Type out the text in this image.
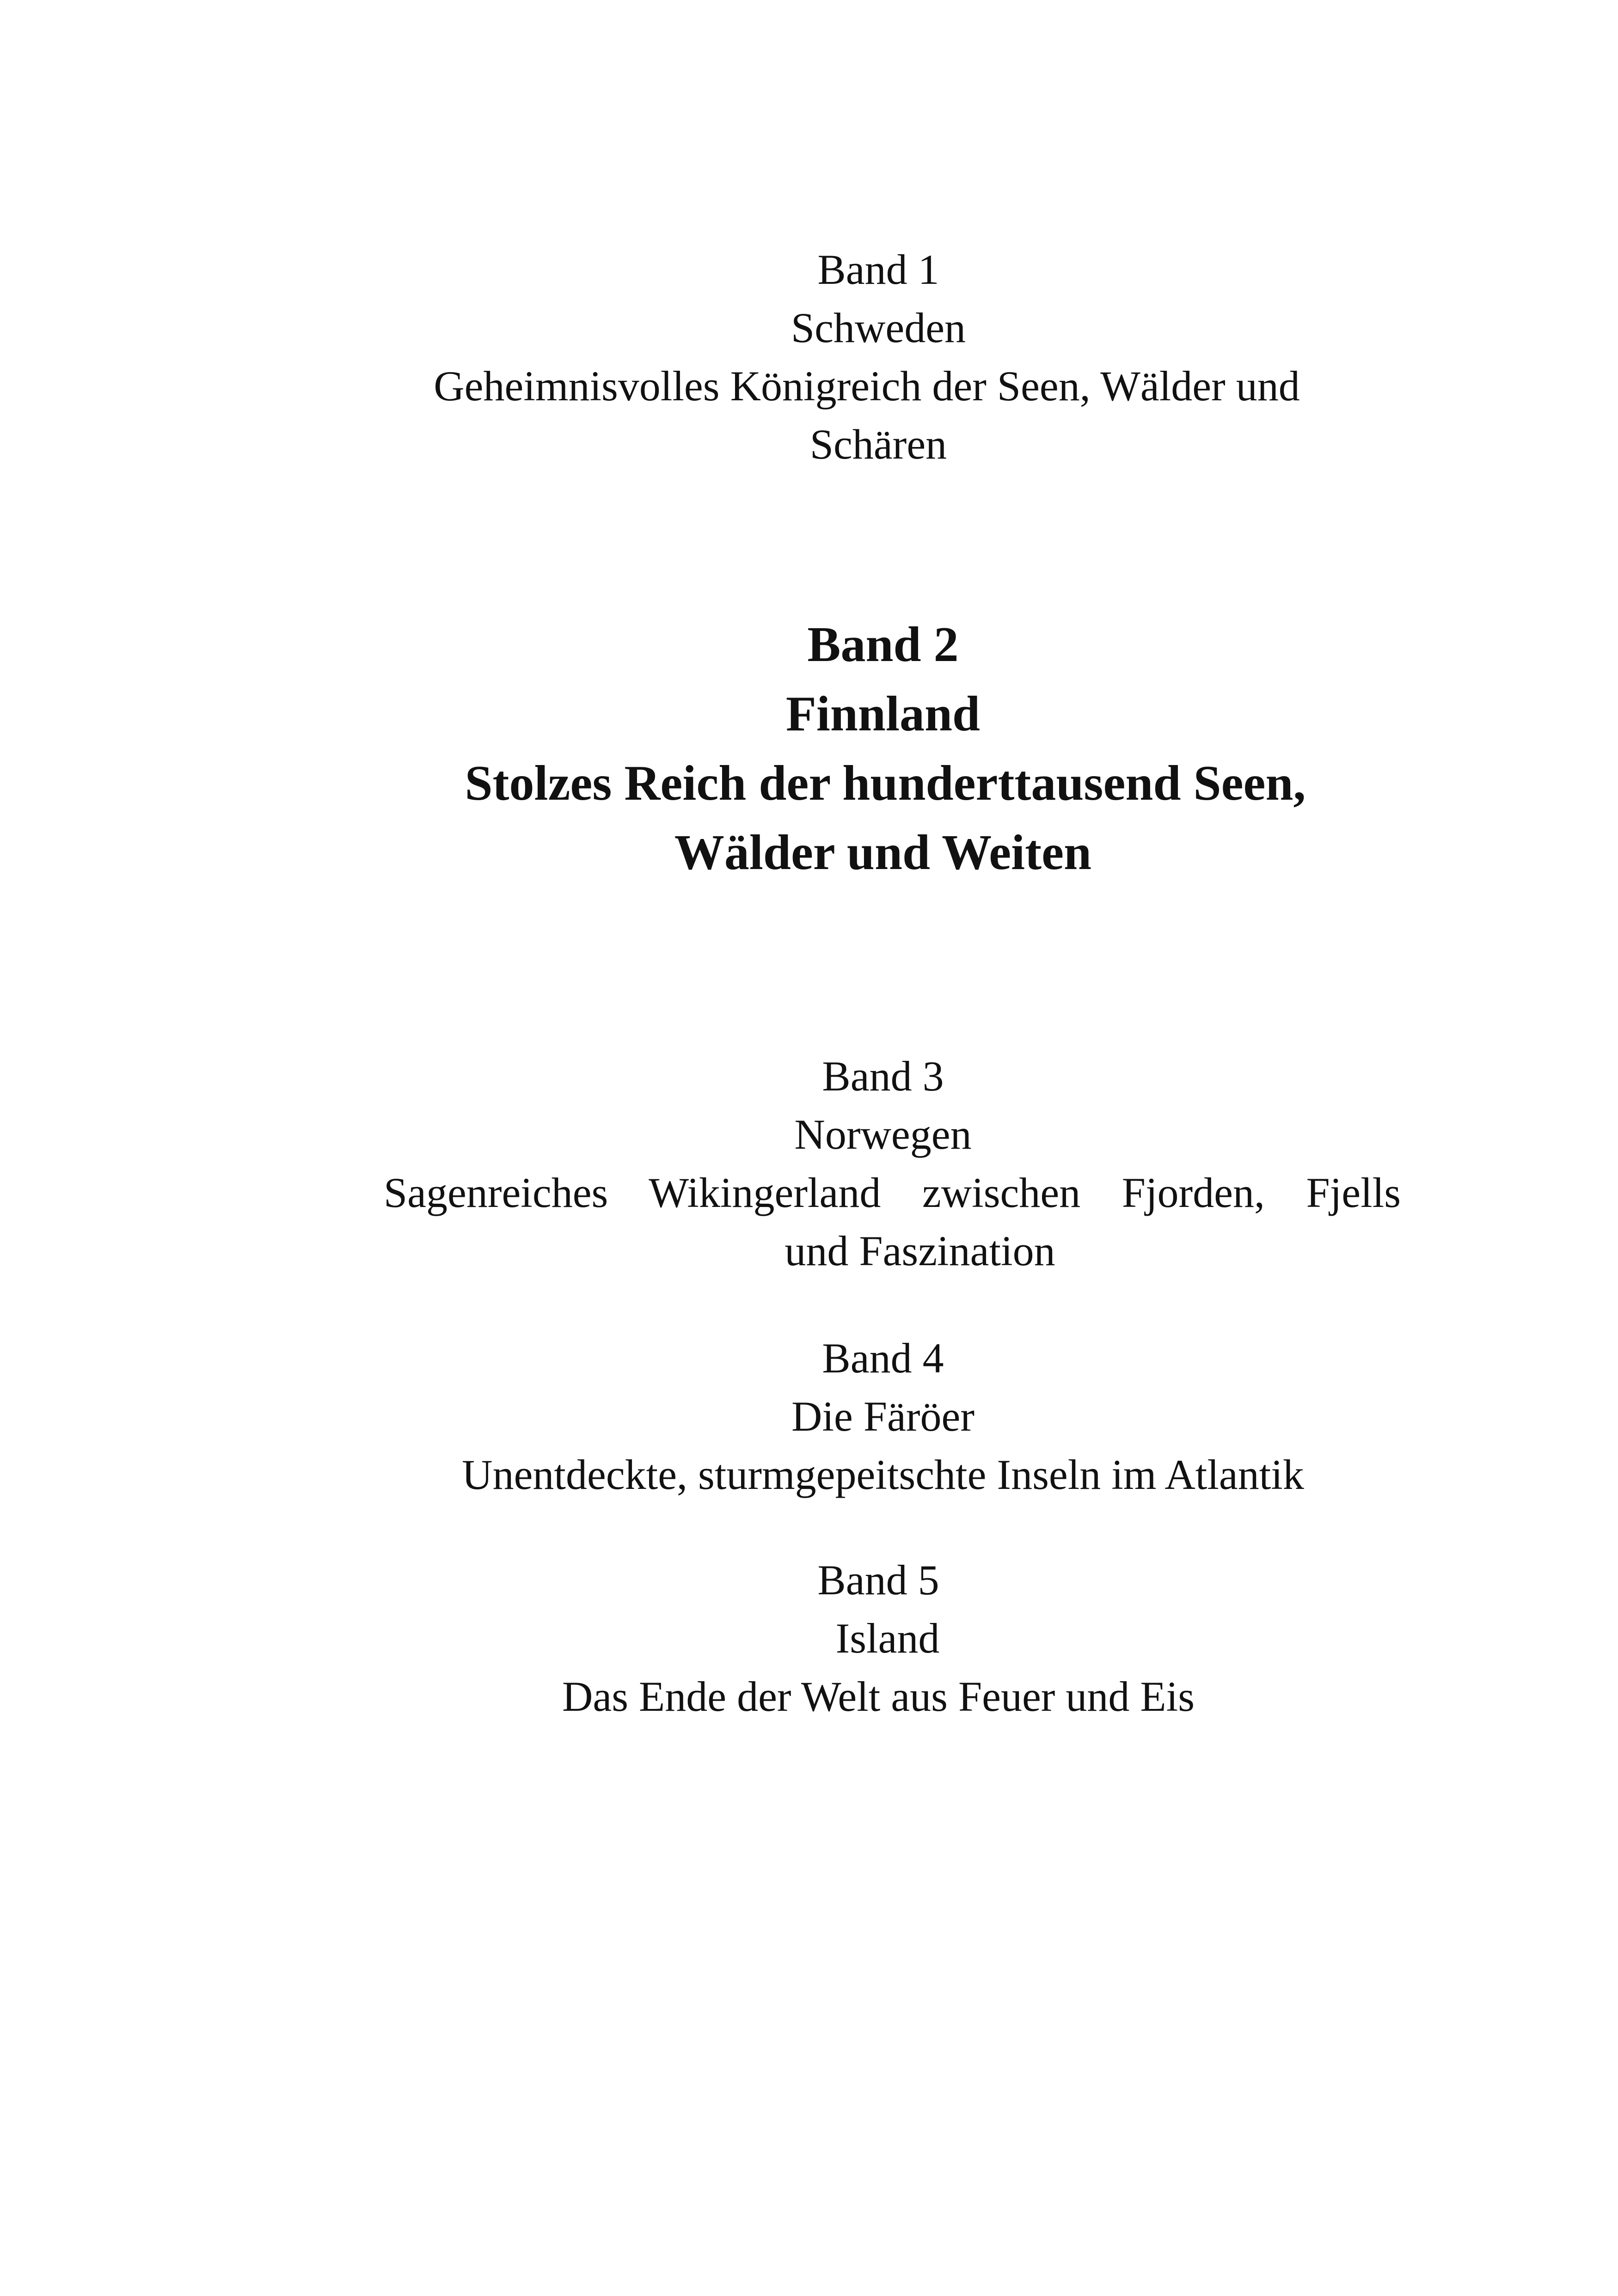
Band 1
Schweden
Geheimnisvolles Königreich der Seen, Wälder und
Schären
Band 2
Finnland
Stolzes Reich der hunderttausend Seen,
Wälder und Weiten
Band 3
Norwegen
Sagenreiches Wikingerland zwischen Fjorden, Fjells
und Faszination
Band 4
Die Färöer
Unentdeckte, sturmgepeitschte Inseln im Atlantik
Band 5
Island
Das Ende der Welt aus Feuer und Eis
